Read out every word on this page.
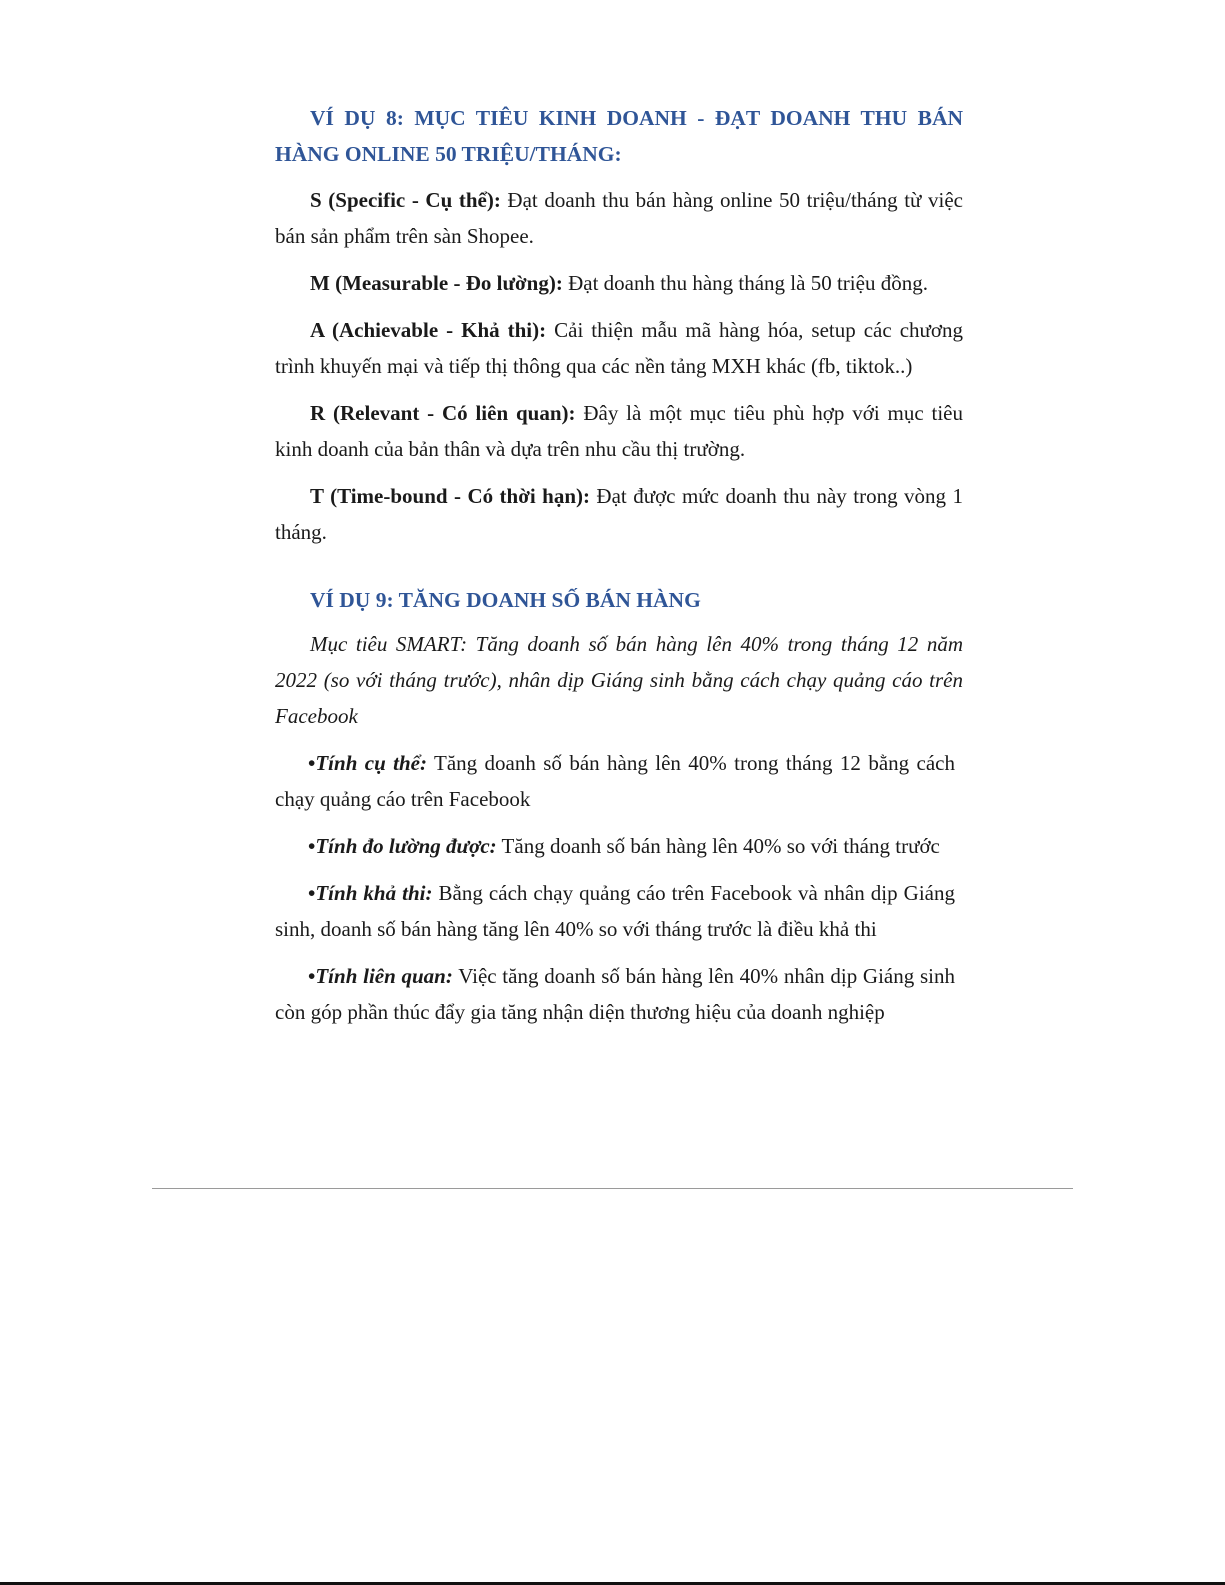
VÍ DỤ 8: MỤC TIÊU KINH DOANH - ĐẠT DOANH THU BÁN HÀNG ONLINE 50 TRIỆU/THÁNG:

S (Specific - Cụ thể): Đạt doanh thu bán hàng online 50 triệu/tháng từ việc bán sản phẩm trên sàn Shopee.

M (Measurable - Đo lường): Đạt doanh thu hàng tháng là 50 triệu đồng.

A (Achievable - Khả thi): Cải thiện mẫu mã hàng hóa, setup các chương trình khuyến mại và tiếp thị thông qua các nền tảng MXH khác (fb, tiktok..)

R (Relevant - Có liên quan): Đây là một mục tiêu phù hợp với mục tiêu kinh doanh của bản thân và dựa trên nhu cầu thị trường.

T (Time-bound - Có thời hạn): Đạt được mức doanh thu này trong vòng 1 tháng.

VÍ DỤ 9: TĂNG DOANH SỐ BÁN HÀNG

Mục tiêu SMART: Tăng doanh số bán hàng lên 40% trong tháng 12 năm 2022 (so với tháng trước), nhân dịp Giáng sinh bằng cách chạy quảng cáo trên Facebook

•Tính cụ thể: Tăng doanh số bán hàng lên 40% trong tháng 12 bằng cách chạy quảng cáo trên Facebook

•Tính đo lường được: Tăng doanh số bán hàng lên 40% so với tháng trước

•Tính khả thi: Bằng cách chạy quảng cáo trên Facebook và nhân dịp Giáng sinh, doanh số bán hàng tăng lên 40% so với tháng trước là điều khả thi

•Tính liên quan: Việc tăng doanh số bán hàng lên 40% nhân dịp Giáng sinh còn góp phần thúc đẩy gia tăng nhận diện thương hiệu của doanh nghiệp
